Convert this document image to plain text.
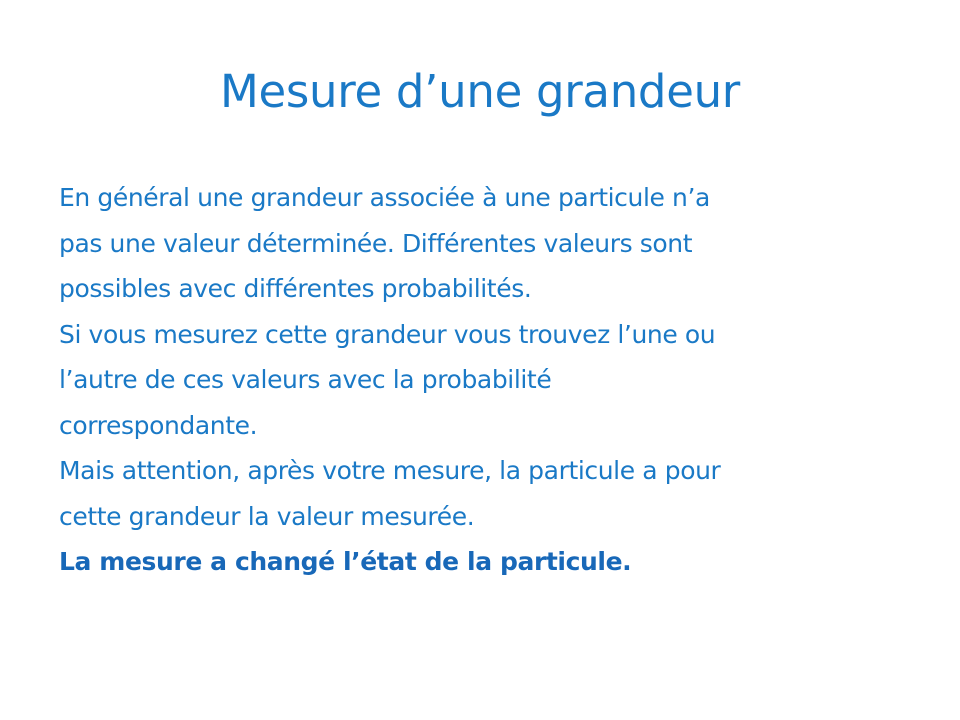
Mesure d’une grandeur
En général une grandeur associée à une particule n’a
pas une valeur déterminée. Différentes valeurs sont
possibles avec différentes probabilités.
Si vous mesurez cette grandeur vous trouvez l’une ou
l’autre de ces valeurs avec la probabilité
correspondante.
Mais attention, après votre mesure, la particule a pour
cette grandeur la valeur mesurée.
La mesure a changé l’état de la particule.
